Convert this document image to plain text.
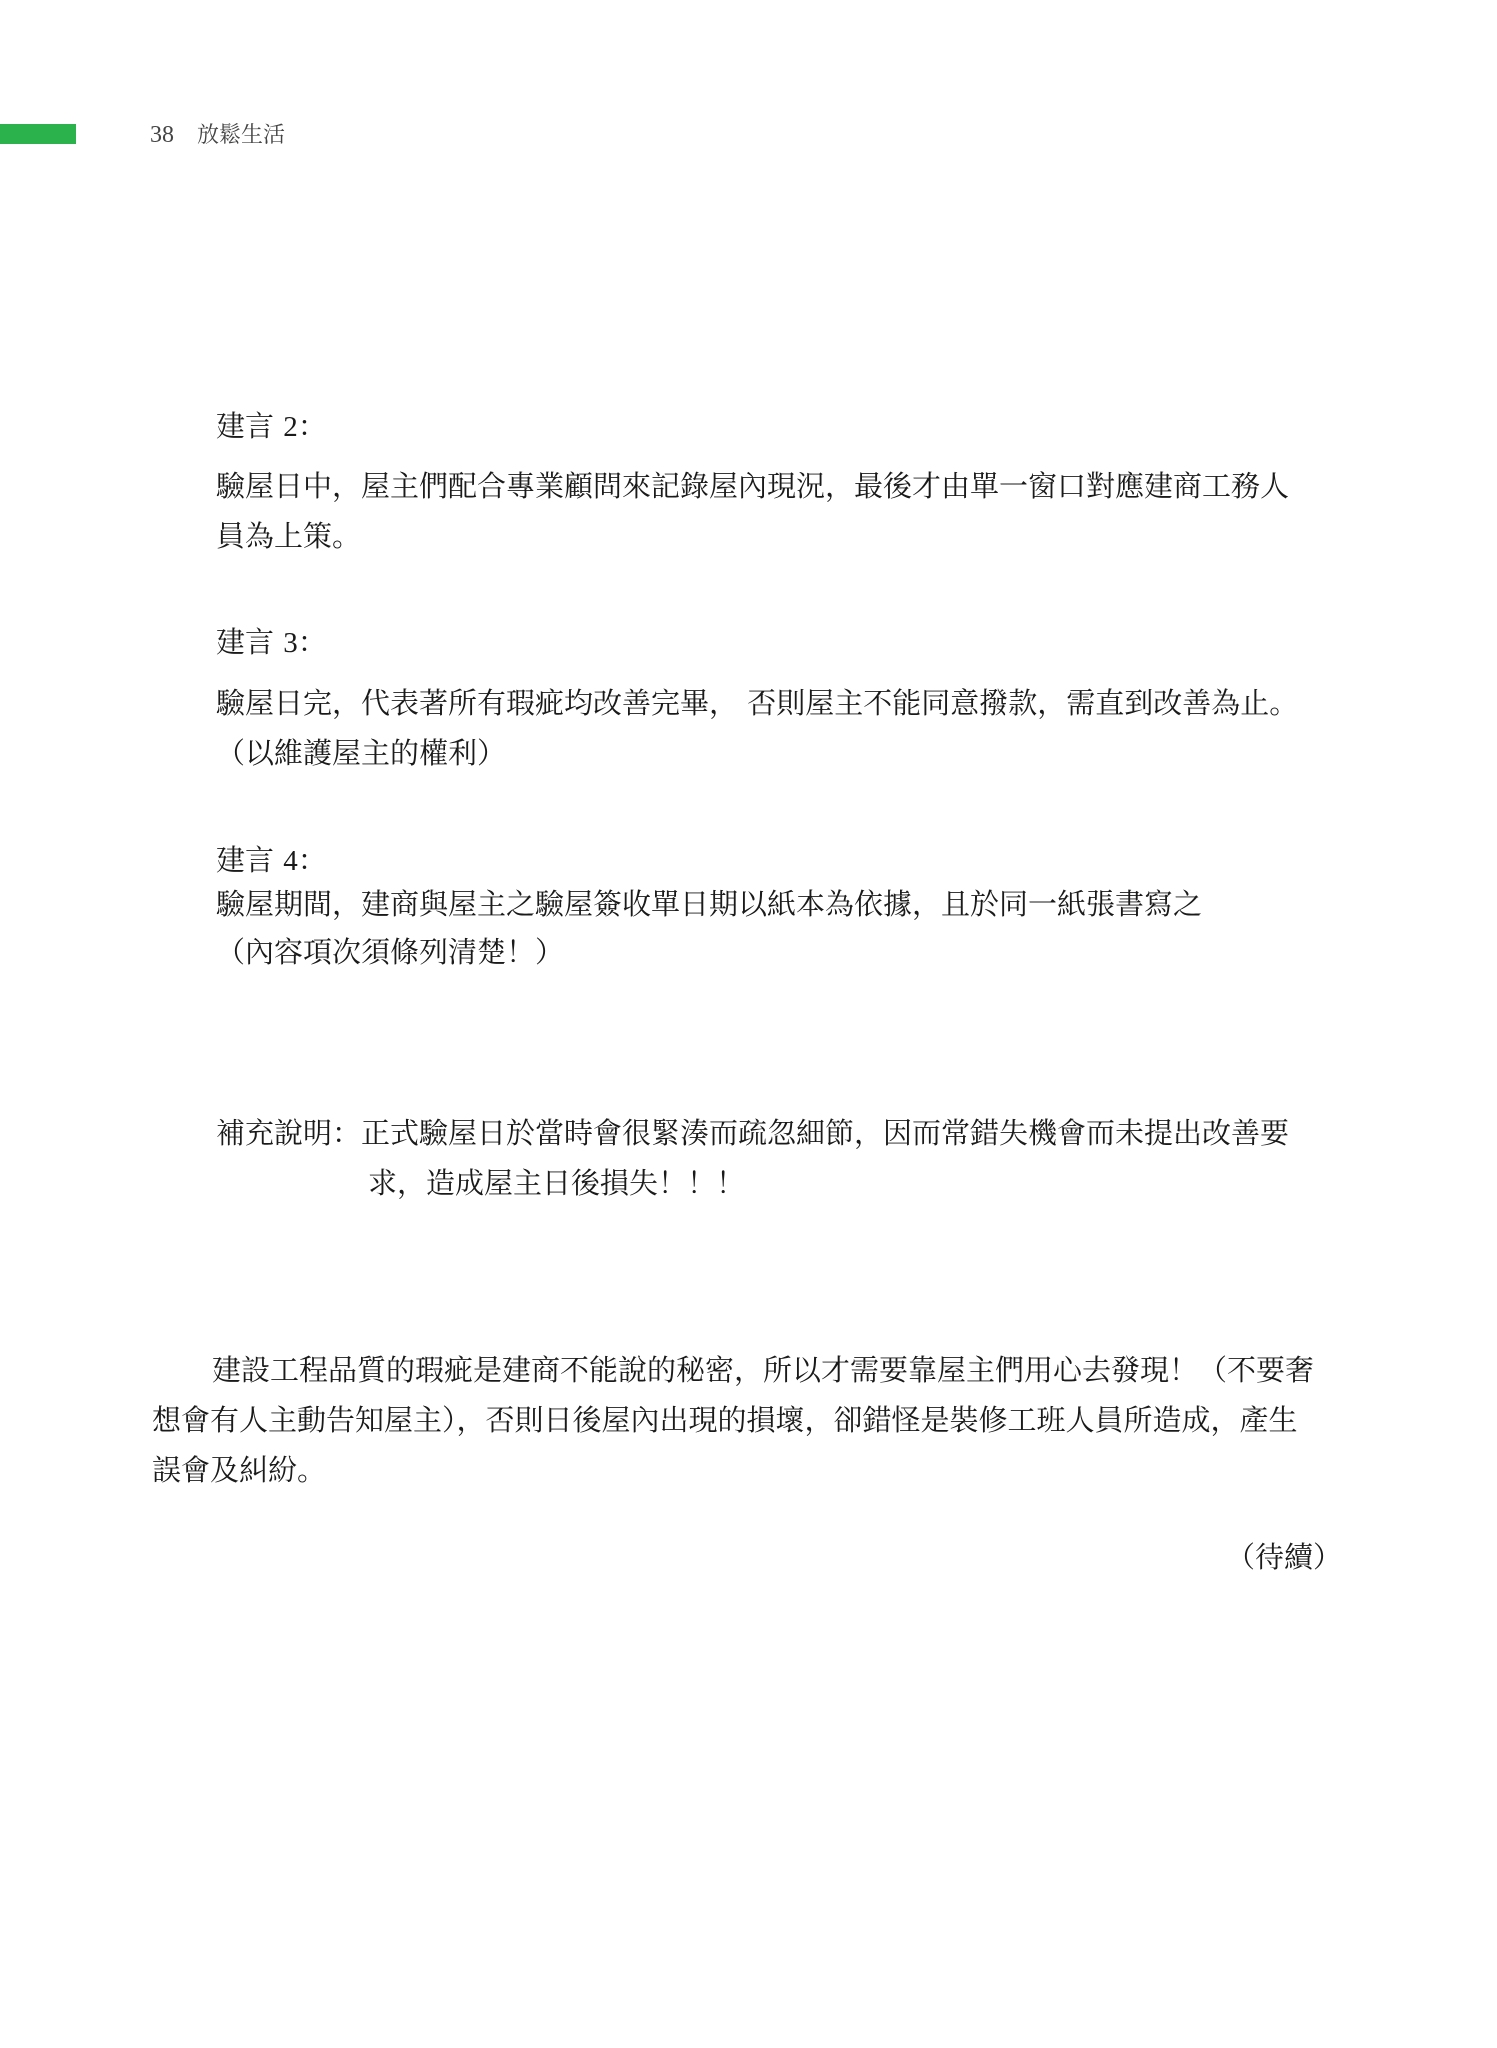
38 放鬆生活
建言 2：
驗屋日中，屋主們配合專業顧問來記錄屋內現況，最後才由單一窗口對應建商工務人
員為上策。
建言 3：
驗屋日完，代表著所有瑕疵均改善完畢， 否則屋主不能同意撥款，需直到改善為止。
（以維護屋主的權利）
建言 4：
驗屋期間，建商與屋主之驗屋簽收單日期以紙本為依據，且於同一紙張書寫之
（內容項次須條列清楚！）
補充說明：正式驗屋日於當時會很緊湊而疏忽細節，因而常錯失機會而未提出改善要
求，造成屋主日後損失！！！
建設工程品質的瑕疵是建商不能說的秘密，所以才需要靠屋主們用心去發現！（不要奢
想會有人主動告知屋主），否則日後屋內出現的損壞，卻錯怪是裝修工班人員所造成，產生
誤會及糾紛。
（待續）
